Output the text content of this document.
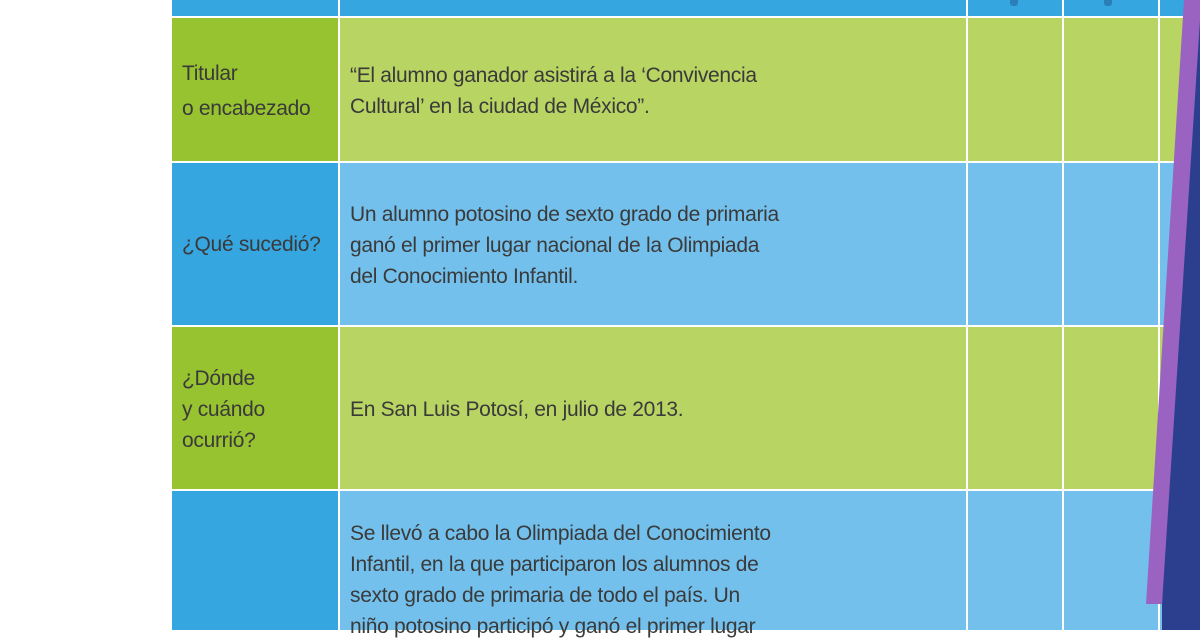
Titular
o encabezado
“El alumno ganador asistirá a la ‘Convivencia
Cultural’ en la ciudad de México”.
¿Qué sucedió?
Un alumno potosino de sexto grado de primaria
ganó el primer lugar nacional de la Olimpiada
del Conocimiento Infantil.
¿Dónde
y cuándo
ocurrió?
En San Luis Potosí, en julio de 2013.
Se llevó a cabo la Olimpiada del Conocimiento
Infantil, en la que participaron los alumnos de
sexto grado de primaria de todo el país. Un
niño potosino participó y ganó el primer lugar
